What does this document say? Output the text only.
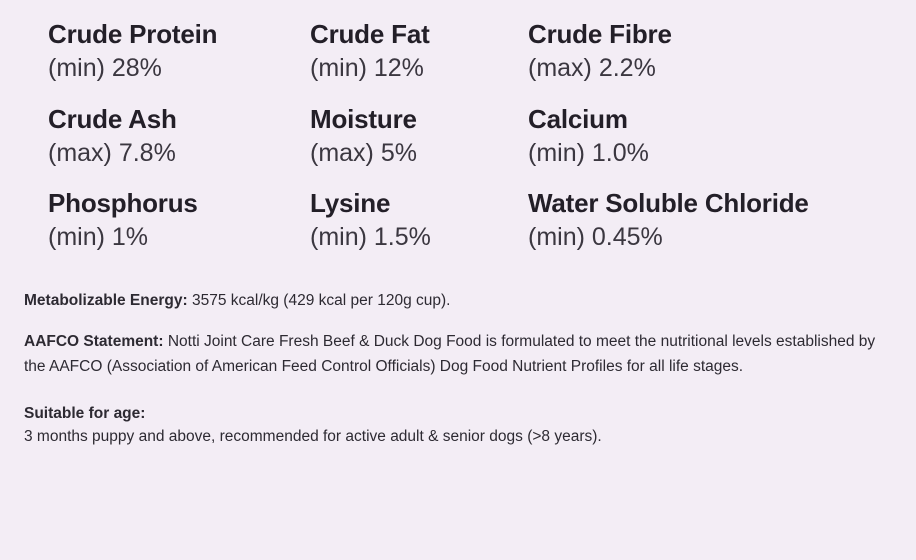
Crude Protein
(min) 28%
Crude Fat
(min) 12%
Crude Fibre
(max) 2.2%
Crude Ash
(max) 7.8%
Moisture
(max) 5%
Calcium
(min) 1.0%
Phosphorus
(min) 1%
Lysine
(min) 1.5%
Water Soluble Chloride
(min) 0.45%

Metabolizable Energy: 3575 kcal/kg (429 kcal per 120g cup).

AAFCO Statement: Notti Joint Care Fresh Beef & Duck Dog Food is formulated to meet the nutritional levels established by the AAFCO (Association of American Feed Control Officials) Dog Food Nutrient Profiles for all life stages.

Suitable for age:
3 months puppy and above, recommended for active adult & senior dogs (>8 years).
